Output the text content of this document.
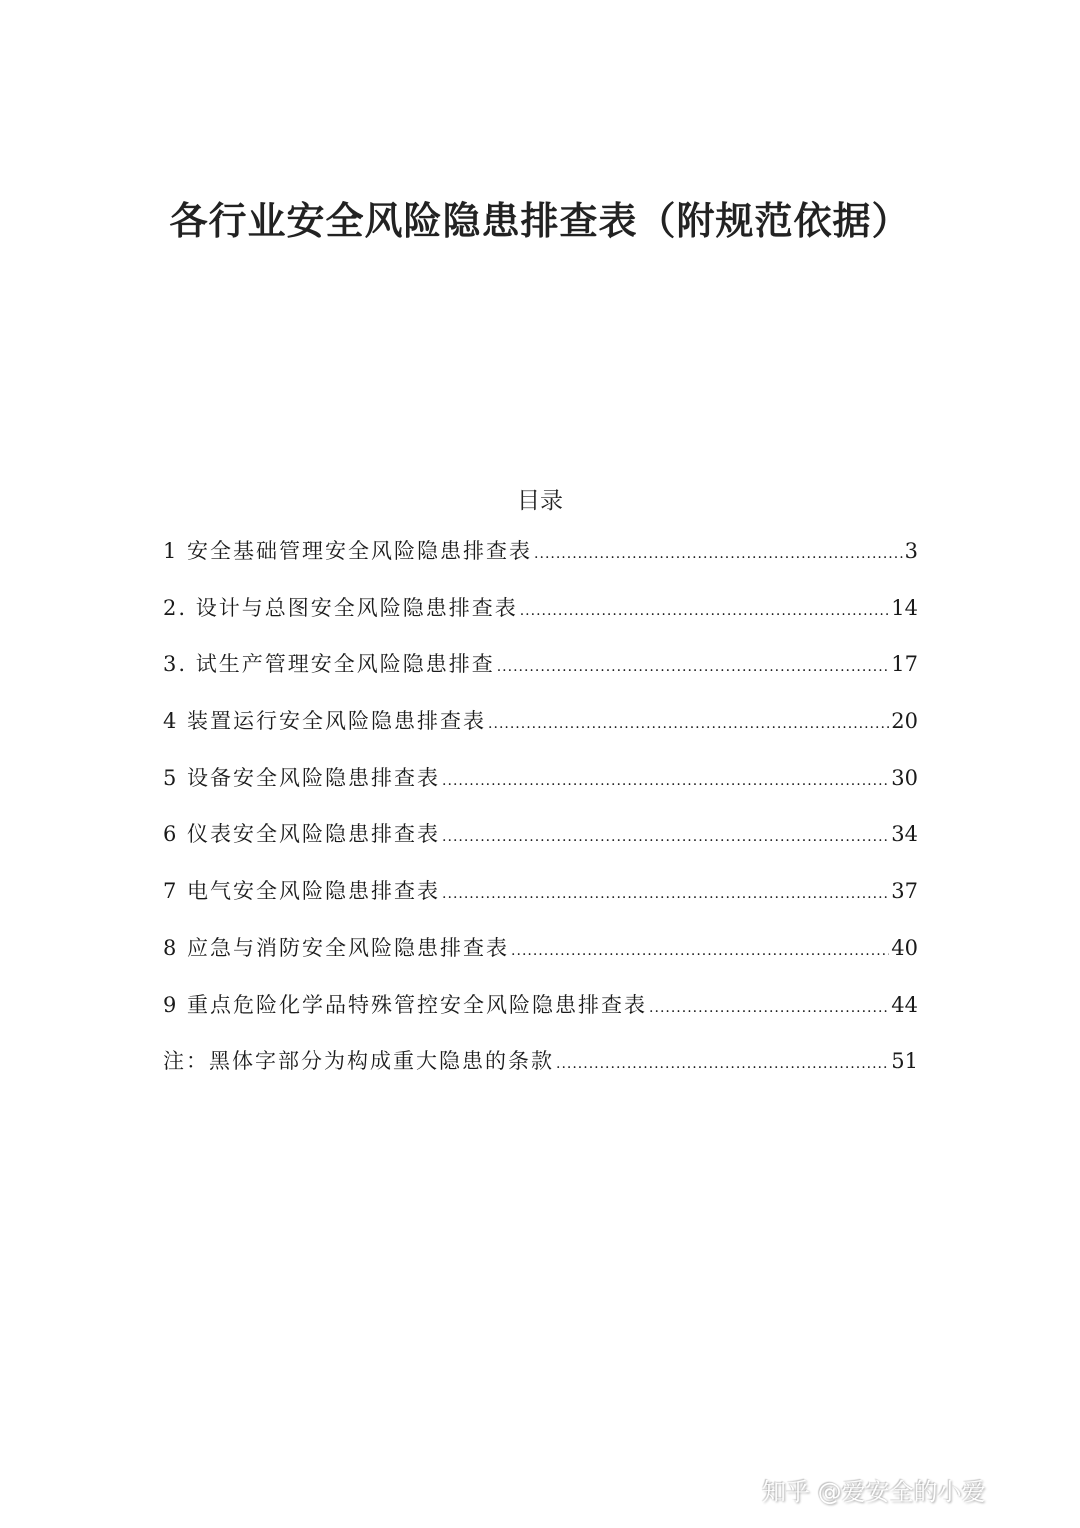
各行业安全风险隐患排查表（附规范依据）
目录
1 安全基础管理安全风险隐患排查表 .....	3
2. 设计与总图安全风险隐患排查表 .....	14
3. 试生产管理安全风险隐患排查 .....	17
4 装置运行安全风险隐患排查表 .....	20
5 设备安全风险隐患排查表 .....	30
6 仪表安全风险隐患排查表 .....	34
7 电气安全风险隐患排查表 .....	37
8 应急与消防安全风险隐患排查表 .....	40
9 重点危险化学品特殊管控安全风险隐患排查表 .....	44
注：黑体字部分为构成重大隐患的条款 .....	51
知乎 @爱安全的小爱
